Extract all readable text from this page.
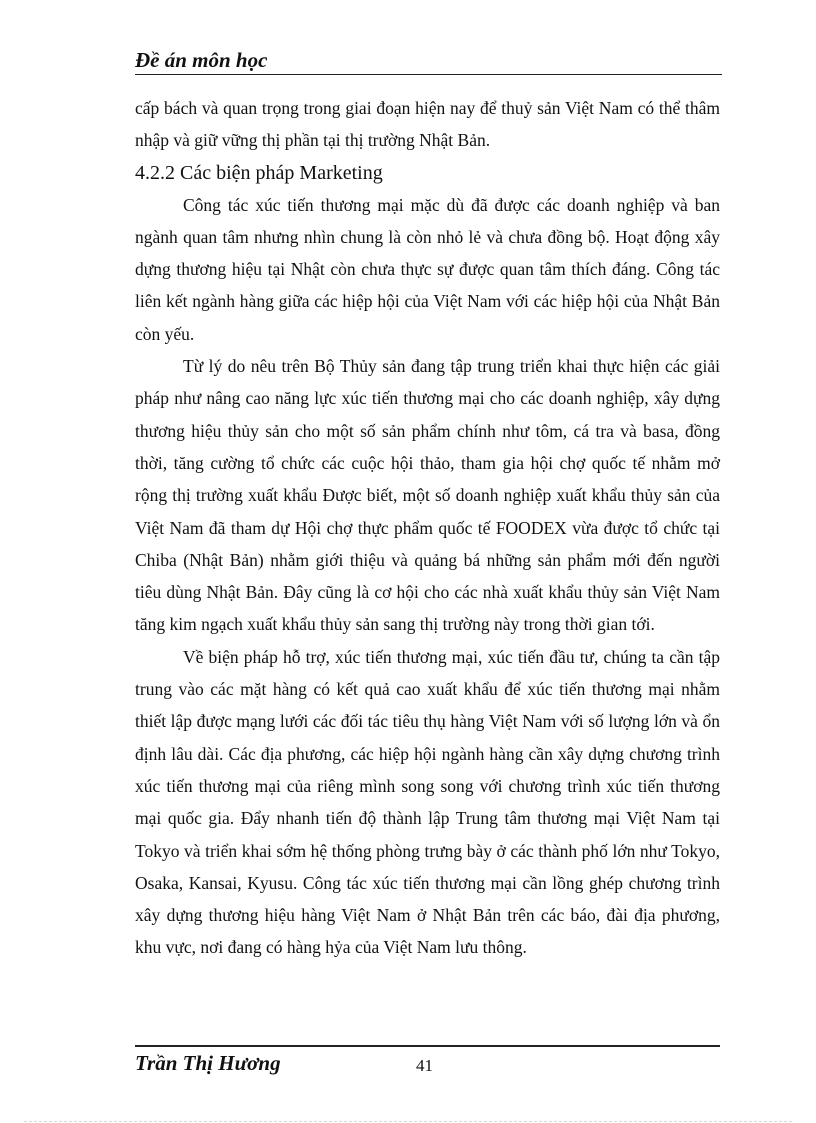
Đề án môn học

cấp bách và quan trọng trong giai đoạn hiện nay để thuỷ sản Việt Nam có thể thâm nhập và giữ vững thị phần tại thị trường Nhật Bản.

4.2.2 Các biện pháp Marketing

Công tác xúc tiến thương mại mặc dù đã được các doanh nghiệp và ban ngành quan tâm nhưng nhìn chung là còn nhỏ lẻ và chưa đồng bộ. Hoạt động xây dựng thương hiệu tại Nhật còn chưa thực sự được quan tâm thích đáng. Công tác liên kết ngành hàng giữa các hiệp hội của Việt Nam với các hiệp hội của Nhật Bản còn yếu.

Từ lý do nêu trên Bộ Thủy sản đang tập trung triển khai thực hiện các giải pháp như nâng cao năng lực xúc tiến thương mại cho các doanh nghiệp, xây dựng thương hiệu thủy sản cho một số sản phẩm chính như tôm, cá tra và basa, đồng thời, tăng cường tổ chức các cuộc hội thảo, tham gia hội chợ quốc tế nhằm mở rộng thị trường xuất khẩu Được biết, một số doanh nghiệp xuất khẩu thủy sản của Việt Nam đã tham dự Hội chợ thực phẩm quốc tế FOODEX vừa được tổ chức tại Chiba (Nhật Bản) nhằm giới thiệu và quảng bá những sản phẩm mới đến người tiêu dùng Nhật Bản. Đây cũng là cơ hội cho các nhà xuất khẩu thủy sản Việt Nam tăng kim ngạch xuất khẩu thủy sản sang thị trường này trong thời gian tới.

Về biện pháp hỗ trợ, xúc tiến thương mại, xúc tiến đầu tư, chúng ta cần tập trung vào các mặt hàng có kết quả cao xuất khẩu để xúc tiến thương mại nhằm thiết lập được mạng lưới các đối tác tiêu thụ hàng Việt Nam với số lượng lớn và ổn định lâu dài. Các địa phương, các hiệp hội ngành hàng cần xây dựng chương trình xúc tiến thương mại của riêng mình song song với chương trình xúc tiến thương mại quốc gia. Đẩy nhanh tiến độ thành lập Trung tâm thương mại Việt Nam tại Tokyo và triển khai sớm hệ thống phòng trưng bày ở các thành phố lớn như Tokyo, Osaka, Kansai, Kyusu. Công tác xúc tiến thương mại cần lồng ghép chương trình xây dựng thương hiệu hàng Việt Nam ở Nhật Bản trên các báo, đài địa phương, khu vực, nơi đang có hàng hỷa của Việt Nam lưu thông.

Trần Thị Hương	41
